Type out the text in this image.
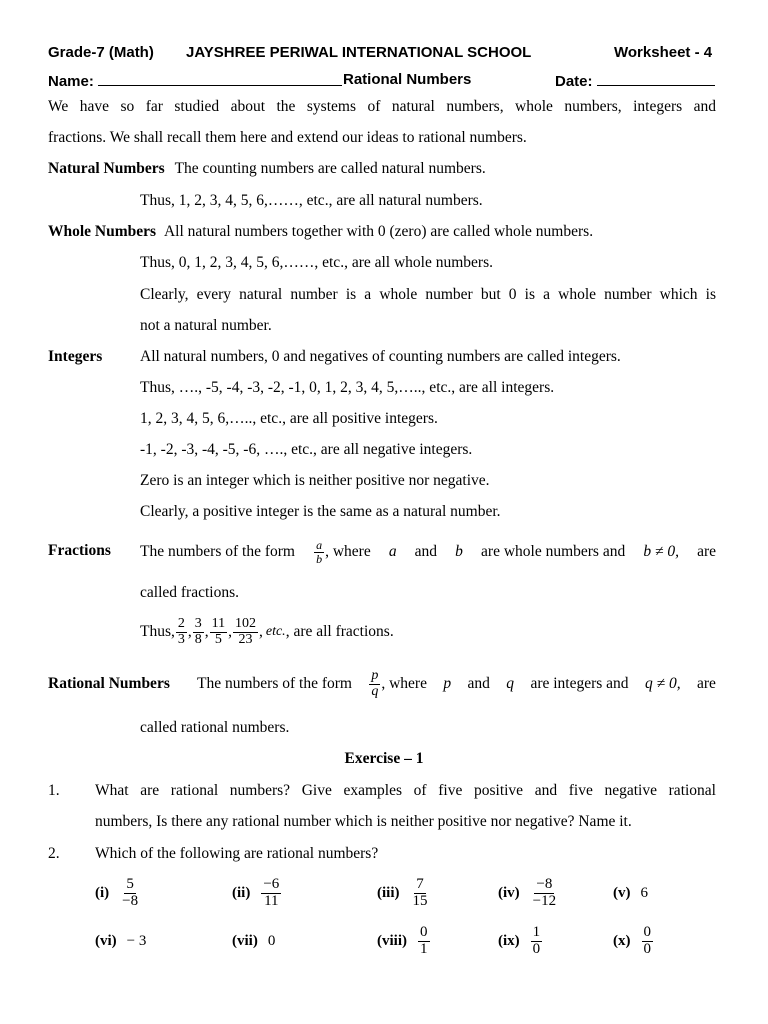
Grade-7 (Math) JAYSHREE PERIWAL INTERNATIONAL SCHOOL	Worksheet - 4
Name:	Rational Numbers	Date:
We have so far studied about the systems of natural numbers, whole numbers, integers and
fractions. We shall recall them here and extend our ideas to rational numbers.
Natural Numbers The counting numbers are called natural numbers.
Thus, 1, 2, 3, 4, 5, 6,……, etc., are all natural numbers.
Whole Numbers All natural numbers together with 0 (zero) are called whole numbers.
Thus, 0, 1, 2, 3, 4, 5, 6,……, etc., are all whole numbers.
Clearly, every natural number is a whole number but 0 is a whole number which is
not a natural number.
Integers All natural numbers, 0 and negatives of counting numbers are called integers.
Thus, …., -5, -4, -3, -2, -1, 0, 1, 2, 3, 4, 5,….., etc., are all integers.
1, 2, 3, 4, 5, 6,….., etc., are all positive integers.
-1, -2, -3, -4, -5, -6, …., etc., are all negative integers.
Zero is an integer which is neither positive nor negative.
Clearly, a positive integer is the same as a natural number.
Fractions The numbers of the form $\frac{a}{b}$ , where a and b are whole numbers and b ≠ 0, are
called fractions.
Thus, $\frac{2}{3}$ , $\frac{3}{8}$ , $\frac{11}{5}$ , $\frac{102}{23}$ , etc. , are all fractions.
Rational Numbers The numbers of the form $\frac{p}{q}$ , where p and q are integers and q ≠ 0, are
called rational numbers.
Exercise – 1
1. What are rational numbers? Give examples of five positive and five negative rational
numbers, Is there any rational number which is neither positive nor negative? Name it.
2. Which of the following are rational numbers?
$(i) \frac{5}{-8}$	$(ii) \frac{-6}{11}$	$(iii) \frac{7}{15}$	$(iv) \frac{-8}{-12}$	(v) 6
(vi) − 3	(vii) 0	(viii) $\frac{0}{1}$	$(ix) \frac{1}{0}$	$(x) \frac{0}{0}$
